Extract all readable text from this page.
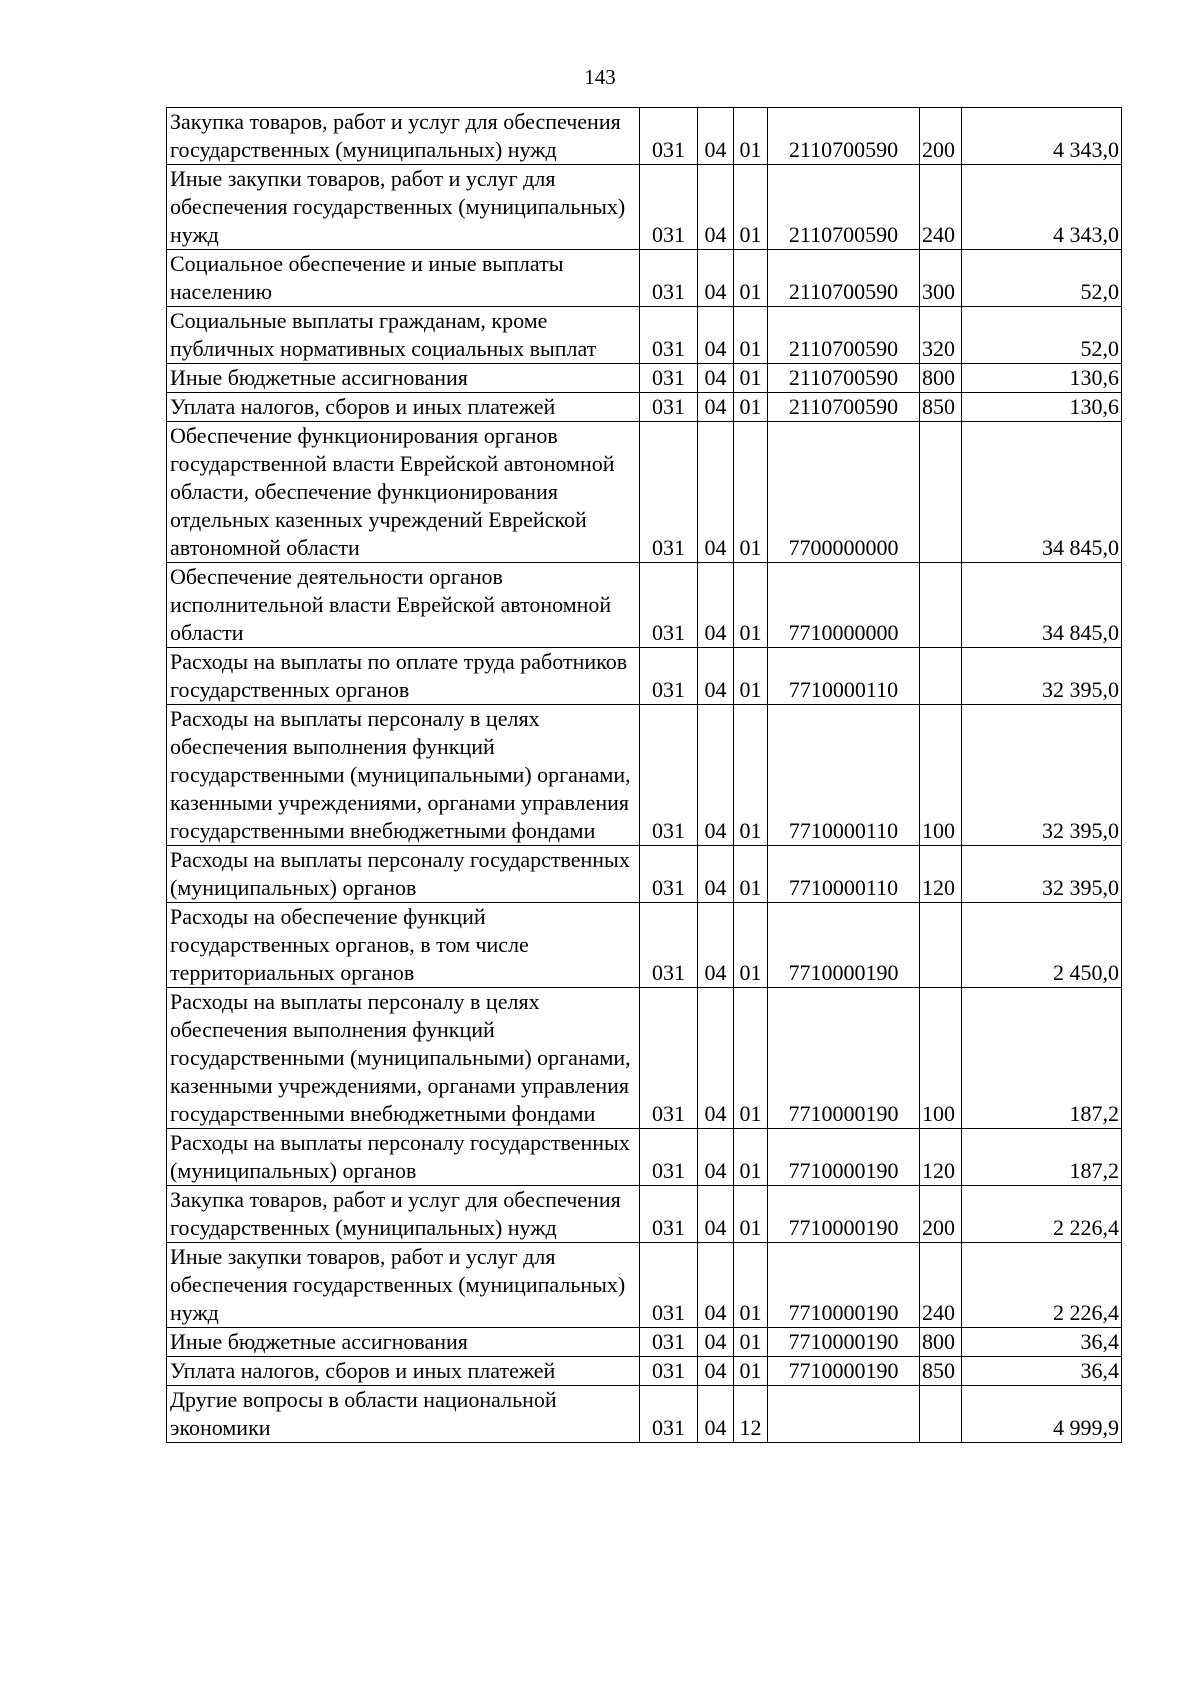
143
Закупка товаров, работ и услуг для обеспечения государственных (муниципальных) нужд	031	04	01	2110700590	200	4 343,0
Иные закупки товаров, работ и услуг для обеспечения государственных (муниципальных) нужд	031	04	01	2110700590	240	4 343,0
Социальное обеспечение и иные выплаты населению	031	04	01	2110700590	300	52,0
Социальные выплаты гражданам, кроме публичных нормативных социальных выплат	031	04	01	2110700590	320	52,0
Иные бюджетные ассигнования	031	04	01	2110700590	800	130,6
Уплата налогов, сборов и иных платежей	031	04	01	2110700590	850	130,6
Обеспечение функционирования органов государственной власти Еврейской автономной области, обеспечение функционирования отдельных казенных учреждений Еврейской автономной области	031	04	01	7700000000		34 845,0
Обеспечение деятельности органов исполнительной власти Еврейской автономной области	031	04	01	7710000000		34 845,0
Расходы на выплаты по оплате труда работников государственных органов	031	04	01	7710000110		32 395,0
Расходы на выплаты персоналу в целях обеспечения выполнения функций государственными (муниципальными) органами, казенными учреждениями, органами управления государственными внебюджетными фондами	031	04	01	7710000110	100	32 395,0
Расходы на выплаты персоналу государственных (муниципальных) органов	031	04	01	7710000110	120	32 395,0
Расходы на обеспечение функций государственных органов, в том числе территориальных органов	031	04	01	7710000190		2 450,0
Расходы на выплаты персоналу в целях обеспечения выполнения функций государственными (муниципальными) органами, казенными учреждениями, органами управления государственными внебюджетными фондами	031	04	01	7710000190	100	187,2
Расходы на выплаты персоналу государственных (муниципальных) органов	031	04	01	7710000190	120	187,2
Закупка товаров, работ и услуг для обеспечения государственных (муниципальных) нужд	031	04	01	7710000190	200	2 226,4
Иные закупки товаров, работ и услуг для обеспечения государственных (муниципальных) нужд	031	04	01	7710000190	240	2 226,4
Иные бюджетные ассигнования	031	04	01	7710000190	800	36,4
Уплата налогов, сборов и иных платежей	031	04	01	7710000190	850	36,4
Другие вопросы в области национальной экономики	031	04	12			4 999,9
